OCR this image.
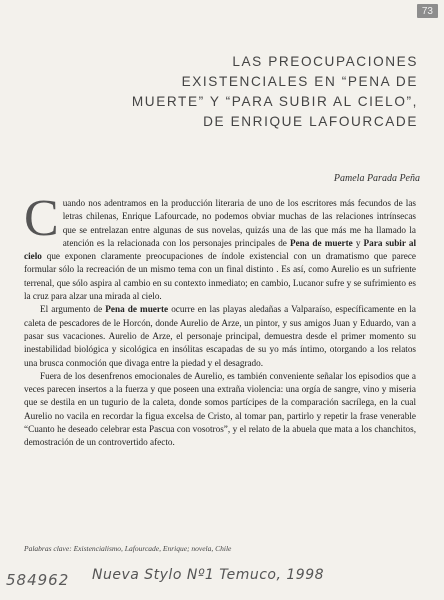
73
LAS PREOCUPACIONES
EXISTENCIALES EN “PENA DE
MUERTE” Y “PARA SUBIR AL CIELO”,
DE ENRIQUE LAFOURCADE
Pamela Parada Peña

Cuando nos adentramos en la producción literaria de uno de los escritores más fecundos de las letras chilenas, Enrique Lafourcade, no podemos obviar muchas de las relaciones intrínsecas que se entrelazan entre algunas de sus novelas, quizás una de las que más me ha llamado la atención es la relacionada con los personajes principales de Pena de muerte y Para subir al cielo que exponen claramente preocupaciones de índole existencial con un dramatismo que parece formular sólo la recreación de un mismo tema con un final distinto . Es así, como Aurelio es un sufriente terrenal, que sólo aspira al cambio en su contexto inmediato; en cambio, Lucanor sufre y se sufrimiento es la cruz para alzar una mirada al cielo.

El argumento de Pena de muerte ocurre en las playas aledañas a Valparaíso, específicamente en la caleta de pescadores de le Horcón, donde Aurelio de Arze, un pintor, y sus amigos Juan y Eduardo, van a pasar sus vacaciones. Aurelio de Arze, el personaje principal, demuestra desde el primer momento su inestabilidad biológica y sicológica en insólitas escapadas de su yo más íntimo, otorgando a los relatos una brusca conmoción que divaga entre la piedad y el desagrado.

Fuera de los desenfrenos emocionales de Aurelio, es también conveniente señalar los episodios que a veces parecen insertos a la fuerza y que poseen una extraña violencia: una orgía de sangre, vino y miseria que se destila en un tugurio de la caleta, donde somos partícipes de la comparación sacrílega, en la cual Aurelio no vacila en recordar la figua excelsa de Cristo, al tomar pan, partirlo y repetir la frase venerable “Cuanto he deseado celebrar esta Pascua con vosotros”, y el relato de la abuela que mata a los chanchitos, demostración de un controvertido afecto.

Palabras clave: Existencialismo, Lafourcade, Enrique; novela, Chile
584962 Nueva Stylo Nº1 Temuco, 1998
